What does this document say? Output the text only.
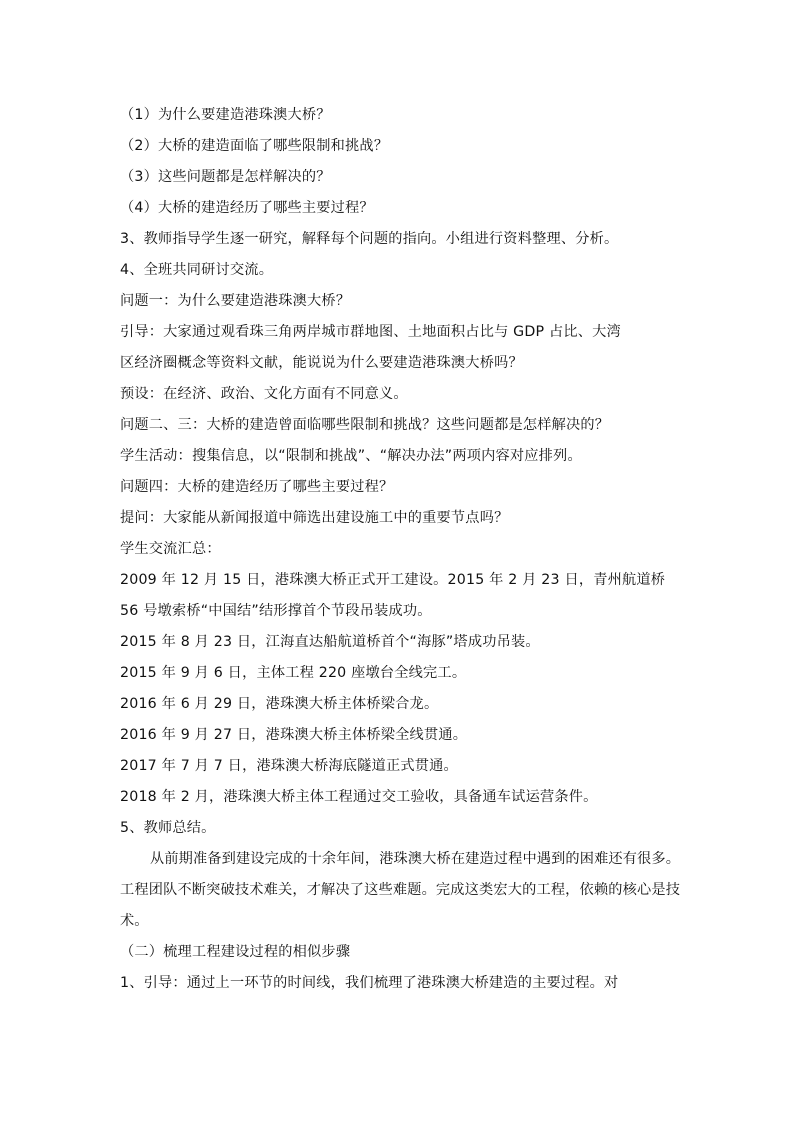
（1）为什么要建造港珠澳大桥？
（2）大桥的建造面临了哪些限制和挑战？
（3）这些问题都是怎样解决的？
（4）大桥的建造经历了哪些主要过程？
3、教师指导学生逐一研究，解释每个问题的指向。小组进行资料整理、分析。
4、全班共同研讨交流。
问题一：为什么要建造港珠澳大桥？
引导：大家通过观看珠三角两岸城市群地图、土地面积占比与 GDP 占比、大湾
区经济圈概念等资料文献，能说说为什么要建造港珠澳大桥吗？
预设：在经济、政治、文化方面有不同意义。
问题二、三：大桥的建造曾面临哪些限制和挑战？这些问题都是怎样解决的？
学生活动：搜集信息，以“限制和挑战”、“解决办法”两项内容对应排列。
问题四：大桥的建造经历了哪些主要过程？
提问：大家能从新闻报道中筛选出建设施工中的重要节点吗？
学生交流汇总：
2009 年 12 月 15 日，港珠澳大桥正式开工建设。2015 年 2 月 23 日，青州航道桥
56 号墩索桥“中国结”结形撑首个节段吊装成功。
2015 年 8 月 23 日，江海直达船航道桥首个“海豚”塔成功吊装。
2015 年 9 月 6 日，主体工程 220 座墩台全线完工。
2016 年 6 月 29 日，港珠澳大桥主体桥梁合龙。
2016 年 9 月 27 日，港珠澳大桥主体桥梁全线贯通。
2017 年 7 月 7 日，港珠澳大桥海底隧道正式贯通。
2018 年 2 月，港珠澳大桥主体工程通过交工验收，具备通车试运营条件。
5、教师总结。
从前期准备到建设完成的十余年间，港珠澳大桥在建造过程中遇到的困难还有很多。工程团队不断突破技术难关，才解决了这些难题。完成这类宏大的工程，依赖的核心是技术。
（二）梳理工程建设过程的相似步骤
1、引导：通过上一环节的时间线，我们梳理了港珠澳大桥建造的主要过程。对
